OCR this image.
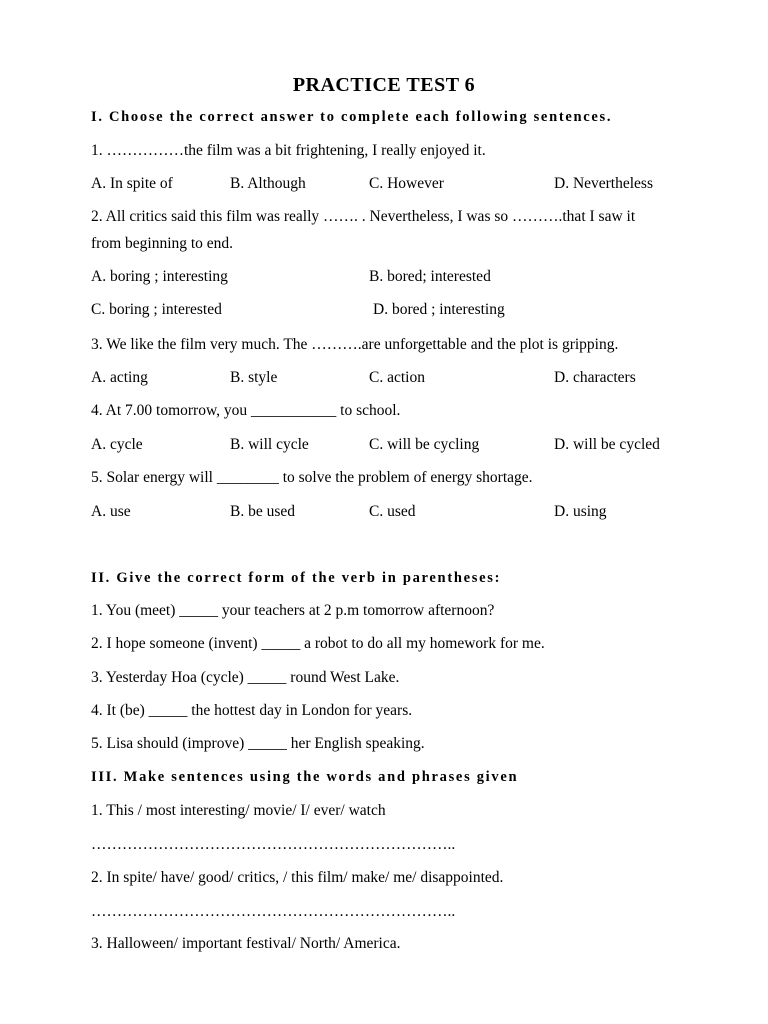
PRACTICE TEST 6
I. Choose the correct answer to complete each following sentences.
1. ……………the film was a bit frightening, I really enjoyed it.
A. In spite of	B. Although	C. However	D. Nevertheless
2. All critics said this film was really ……. . Nevertheless, I was so ……….that I saw it
from beginning to end.
A. boring ; interesting	B. bored; interested
C. boring ; interested	D. bored ; interesting
3. We like the film very much. The ……….are unforgettable and the plot is gripping.
A. acting	B. style	C. action	D. characters
4. At 7.00 tomorrow, you ___________ to school.
A. cycle	B. will cycle	C. will be cycling	D. will be cycled
5. Solar energy will ________ to solve the problem of energy shortage.
A. use	B. be used	C. used	D. using
II. Give the correct form of the verb in parentheses:
1. You (meet) _____ your teachers at 2 p.m tomorrow afternoon?
2. I hope someone (invent) _____ a robot to do all my homework for me.
3. Yesterday Hoa (cycle) _____ round West Lake.
4. It (be) _____ the hottest day in London for years.
5. Lisa should (improve) _____ her English speaking.
III. Make sentences using the words and phrases given
1. This / most interesting/ movie/ I/ ever/ watch
……………………………………………………………..
2. In spite/ have/ good/ critics, / this film/ make/ me/ disappointed.
……………………………………………………………..
3. Halloween/ important festival/ North/ America.
